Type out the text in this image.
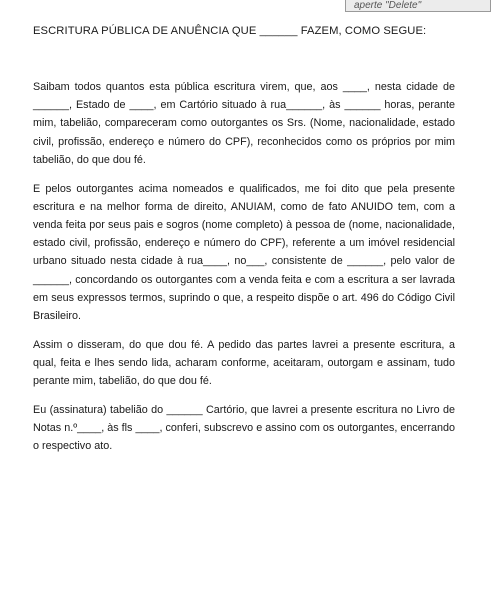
aperte "Delete"
ESCRITURA PÚBLICA DE ANUÊNCIA QUE ______ FAZEM, COMO SEGUE:

Saibam todos quantos esta pública escritura virem, que, aos ____, nesta cidade de ______, Estado de ____, em Cartório situado à rua______, às ______ horas, perante mim, tabelião, compareceram como outorgantes os Srs. (Nome, nacionalidade, estado civil, profissão, endereço e número do CPF), reconhecidos como os próprios por mim tabelião, do que dou fé.

E pelos outorgantes acima nomeados e qualificados, me foi dito que pela presente escritura e na melhor forma de direito, ANUIAM, como de fato ANUIDO tem, com a venda feita por seus pais e sogros (nome completo) à pessoa de (nome, nacionalidade, estado civil, profissão, endereço e número do CPF), referente a um imóvel residencial urbano situado nesta cidade à rua____, no___, consistente de ______, pelo valor de ______, concordando os outorgantes com a venda feita e com a escritura a ser lavrada em seus expressos termos, suprindo o que, a respeito dispõe o art. 496 do Código Civil Brasileiro.

Assim o disseram, do que dou fé. A pedido das partes lavrei a presente escritura, a qual, feita e lhes sendo lida, acharam conforme, aceitaram, outorgam e assinam, tudo perante mim, tabelião, do que dou fé.

Eu (assinatura) tabelião do ______ Cartório, que lavrei a presente escritura no Livro de Notas n.º____, às fls ____, conferi, subscrevo e assino com os outorgantes, encerrando o respectivo ato.
